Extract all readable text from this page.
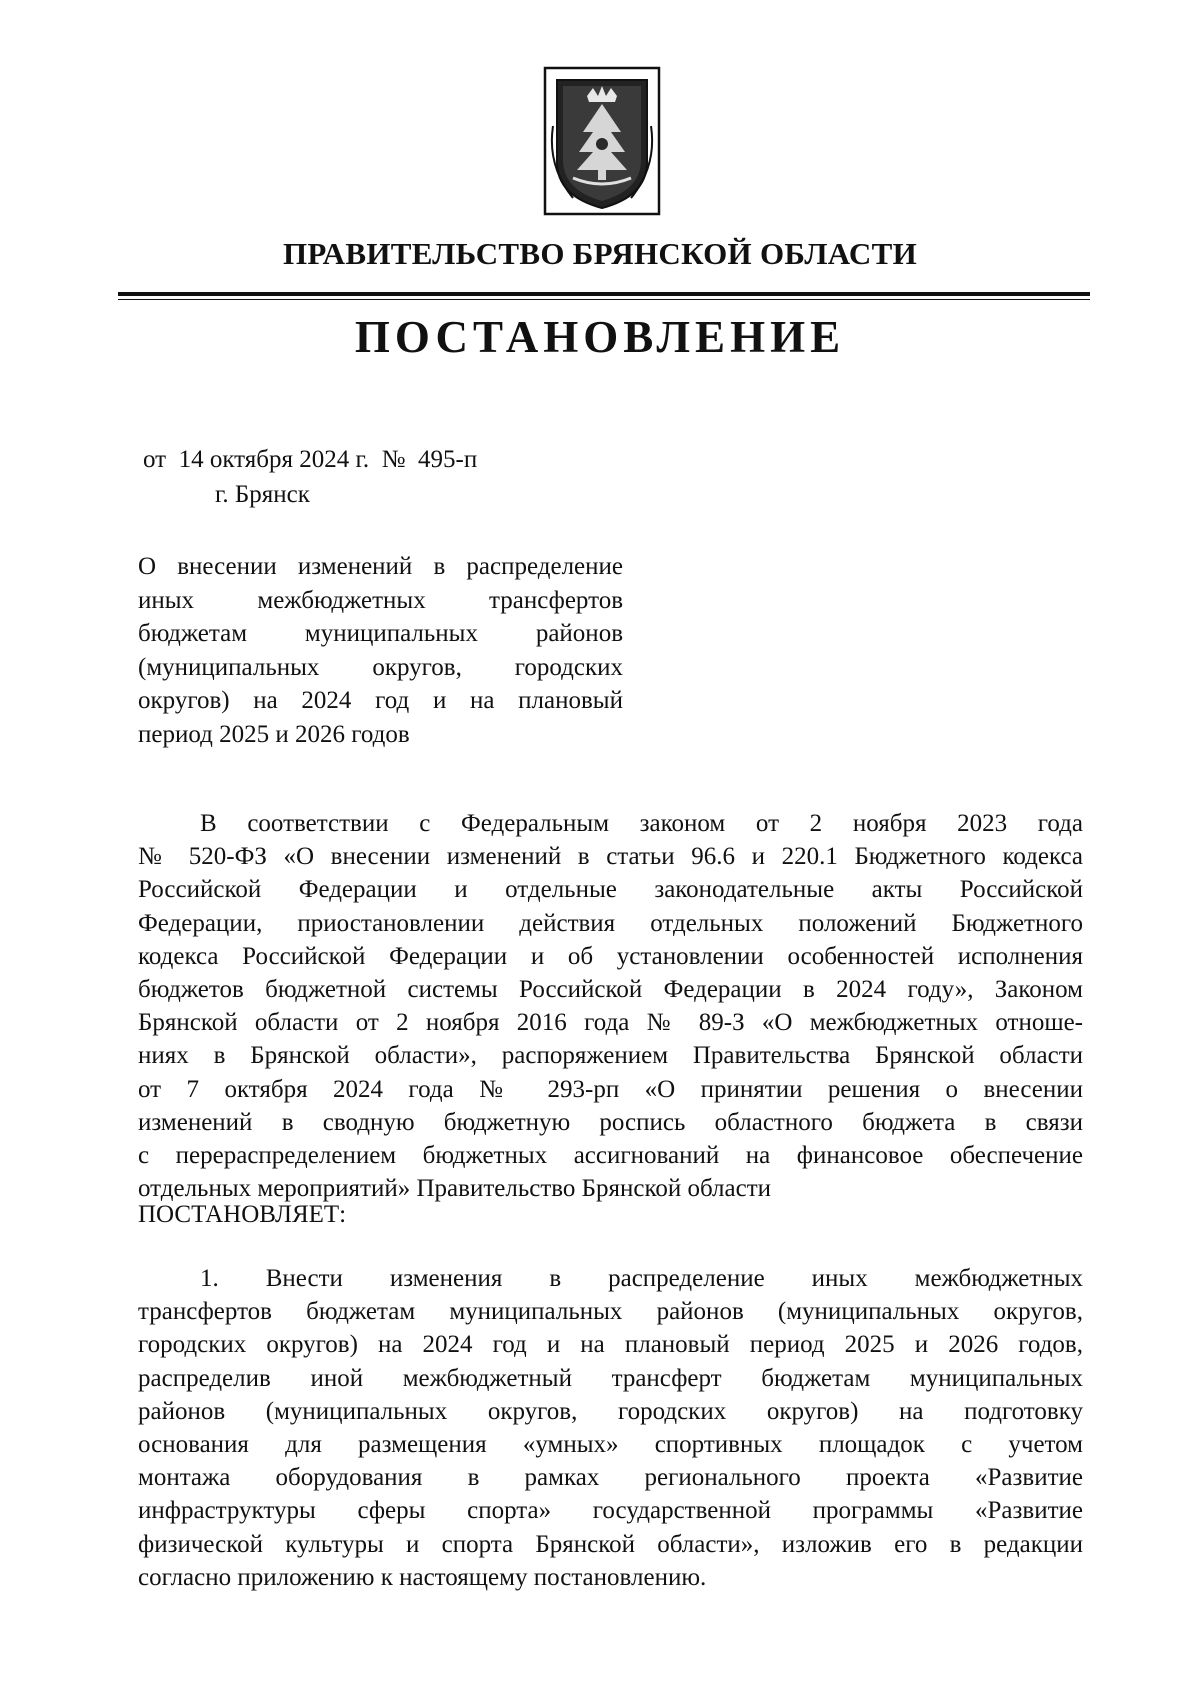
ПРАВИТЕЛЬСТВО БРЯНСКОЙ ОБЛАСТИ
ПОСТАНОВЛЕНИЕ
от  14 октября 2024 г.  №  495-п
г. Брянск
О внесении изменений в распределение
иных межбюджетных трансфертов
бюджетам муниципальных районов
(муниципальных округов, городских
округов) на 2024 год и на плановый
период 2025 и 2026 годов
В соответствии с Федеральным законом от 2 ноября 2023 года
№ 520-ФЗ «О внесении изменений в статьи 96.6 и 220.1 Бюджетного кодекса
Российской Федерации и отдельные законодательные акты Российской
Федерации, приостановлении действия отдельных положений Бюджетного
кодекса Российской Федерации и об установлении особенностей исполнения
бюджетов бюджетной системы Российской Федерации в 2024 году», Законом
Брянской области от 2 ноября 2016 года № 89-З «О межбюджетных отноше-
ниях в Брянской области», распоряжением Правительства Брянской области
от 7 октября 2024 года № 293-рп «О принятии решения о внесении
изменений в сводную бюджетную роспись областного бюджета в связи
с перераспределением бюджетных ассигнований на финансовое обеспечение
отдельных мероприятий» Правительство Брянской области
ПОСТАНОВЛЯЕТ:
1. Внести изменения в распределение иных межбюджетных
трансфертов бюджетам муниципальных районов (муниципальных округов,
городских округов) на 2024 год и на плановый период 2025 и 2026 годов,
распределив иной межбюджетный трансферт бюджетам муниципальных
районов (муниципальных округов, городских округов) на подготовку
основания для размещения «умных» спортивных площадок с учетом
монтажа оборудования в рамках регионального проекта «Развитие
инфраструктуры сферы спорта» государственной программы «Развитие
физической культуры и спорта Брянской области», изложив его в редакции
согласно приложению к настоящему постановлению.
